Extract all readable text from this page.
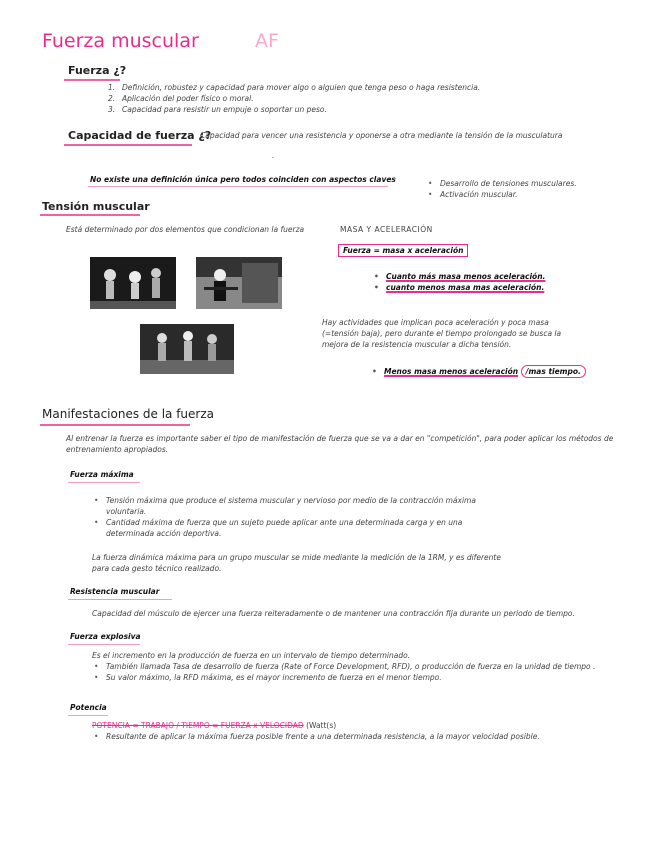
Fuerza muscular	AF
Fuerza ¿?
1. Definición, robustez y capacidad para mover algo o alguien que tenga peso o haga resistencia.
2. Aplicación del poder físico o moral.
3. Capacidad para resistir un empuje o soportar un peso.
Capacidad de fuerza ¿?
Capacidad para vencer una resistencia y oponerse a otra mediante la tensión de la musculatura
.
No existe una definición única pero todos coinciden con aspectos claves
•	Desarrollo de tensiones musculares.
• Activación muscular.
Tensión muscular
Está determinado por dos elementos que condicionan la fuerza	MASA Y ACELERACIÓN
Fuerza = masa x aceleración
• Cuanto más masa menos aceleración.
• cuanto menos masa mas aceleración.
Hay actividades que implican poca aceleración y poca masa (=tensión baja), pero durante el tiempo prolongado se busca la mejora de la resistencia muscular a dicha tensión.
• Menos masa menos aceleración /mas tiempo.
Manifestaciones de la fuerza
Al entrenar la fuerza es importante saber el tipo de manifestación de fuerza que se va a dar en "competición", para poder aplicar los métodos de entrenamiento apropiados.
Fuerza máxima
• Tensión máxima que produce el sistema muscular y nervioso por medio de la contracción máxima voluntaria.
• Cantidad máxima de fuerza que un sujeto puede aplicar ante una determinada carga y en una determinada acción deportiva.
La fuerza dinámica máxima para un grupo muscular se mide mediante la medición de la 1RM, y es diferente para cada gesto técnico realizado.
Resistencia muscular
Capacidad del músculo de ejercer una fuerza reiteradamente o de mantener una contracción fija durante un periodo de tiempo.
Fuerza explosiva
Es el incremento en la producción de fuerza en un intervalo de tiempo determinado.
• También llamada Tasa de desarrollo de fuerza (Rate of Force Development, RFD), o producción de fuerza en la unidad de tiempo .
• Su valor máximo, la RFD máxima, es el mayor incremento de fuerza en el menor tiempo.
Potencia
POTENCIA = TRABAJO / TIEMPO = FUERZA x VELOCIDAD (Watt(s)
• Resultante de aplicar la máxima fuerza posible frente a una determinada resistencia, a la mayor velocidad posible.
